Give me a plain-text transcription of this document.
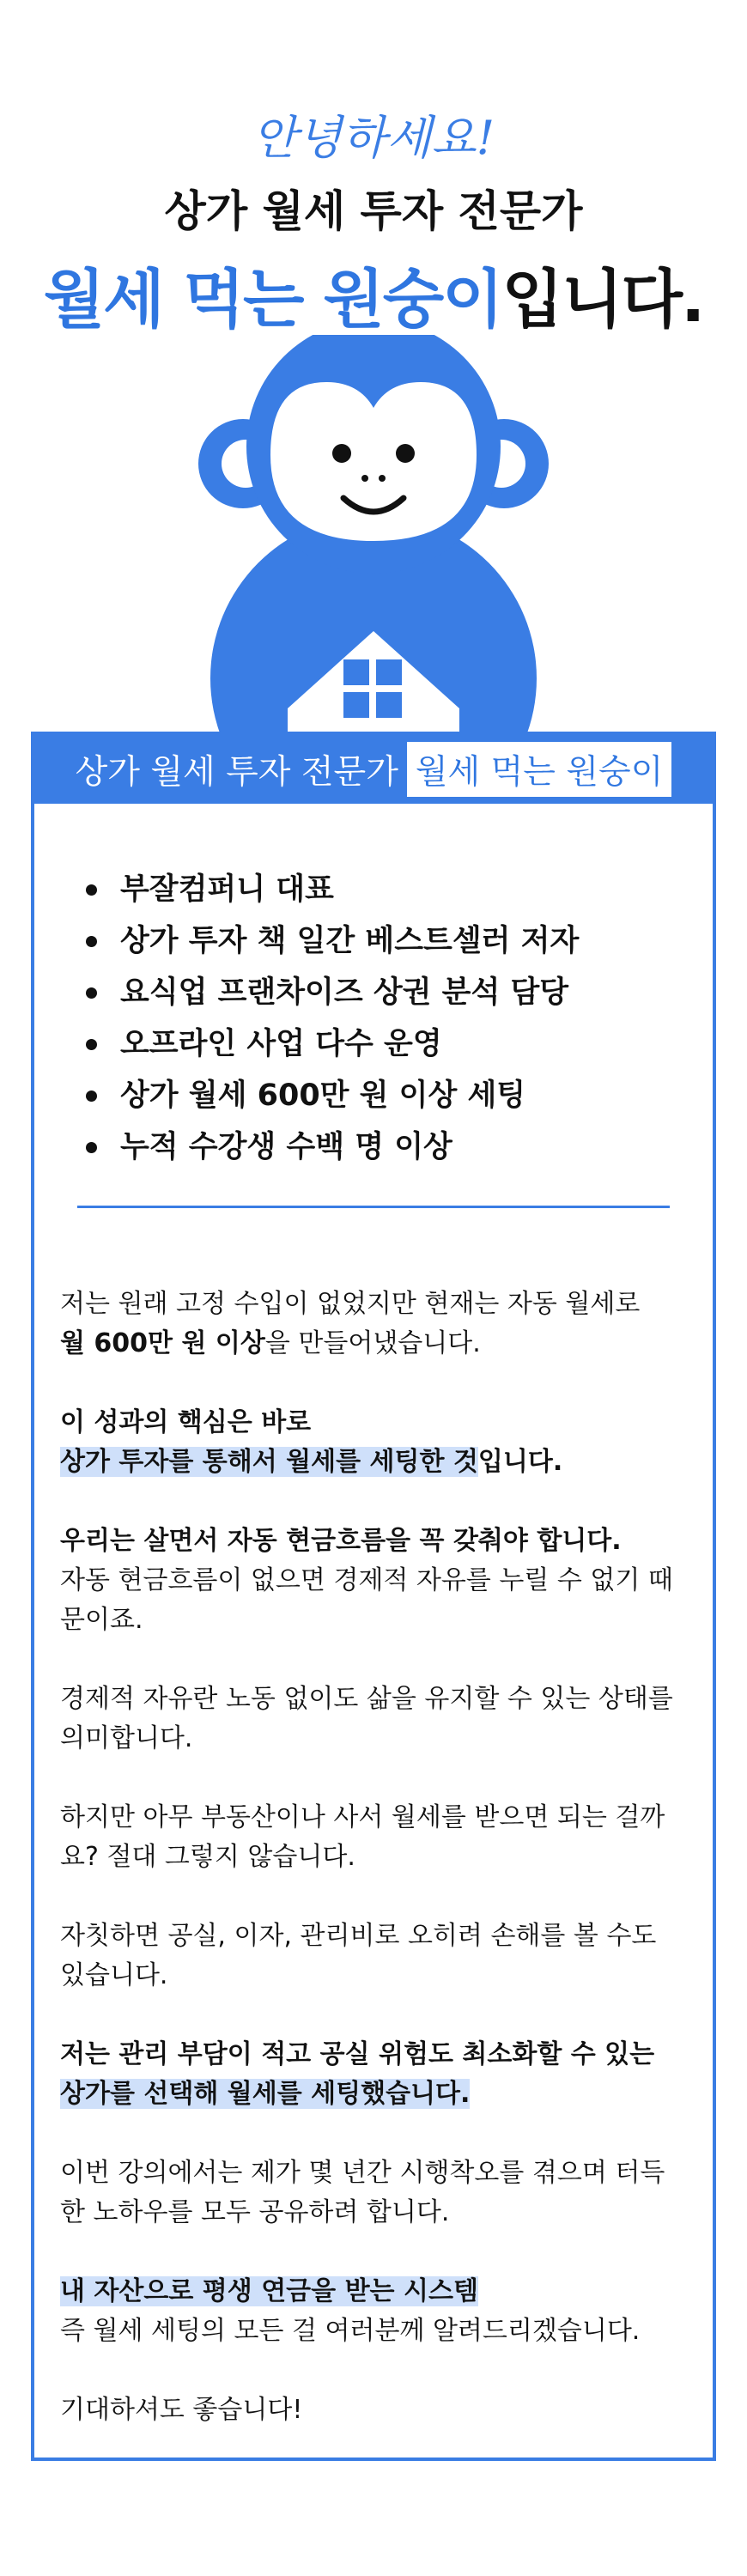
안녕하세요!
상가 월세 투자 전문가
월세 먹는 원숭이입니다.
상가 월세 투자 전문가 월세 먹는 원숭이
부잘컴퍼니 대표
상가 투자 책 일간 베스트셀러 저자
요식업 프랜차이즈 상권 분석 담당
오프라인 사업 다수 운영
상가 월세 600만 원 이상 세팅
누적 수강생 수백 명 이상

저는 원래 고정 수입이 없었지만 현재는 자동 월세로
월 600만 원 이상을 만들어냈습니다.

이 성과의 핵심은 바로
상가 투자를 통해서 월세를 세팅한 것입니다.

우리는 살면서 자동 현금흐름을 꼭 갖춰야 합니다.
자동 현금흐름이 없으면 경제적 자유를 누릴 수 없기 때문이죠.

경제적 자유란 노동 없이도 삶을 유지할 수 있는 상태를 의미합니다.

하지만 아무 부동산이나 사서 월세를 받으면 되는 걸까요? 절대 그렇지 않습니다.

자칫하면 공실, 이자, 관리비로 오히려 손해를 볼 수도 있습니다.

저는 관리 부담이 적고 공실 위험도 최소화할 수 있는
상가를 선택해 월세를 세팅했습니다.

이번 강의에서는 제가 몇 년간 시행착오를 겪으며 터득한 노하우를 모두 공유하려 합니다.

내 자산으로 평생 연금을 받는 시스템
즉 월세 세팅의 모든 걸 여러분께 알려드리겠습니다.

기대하셔도 좋습니다!
